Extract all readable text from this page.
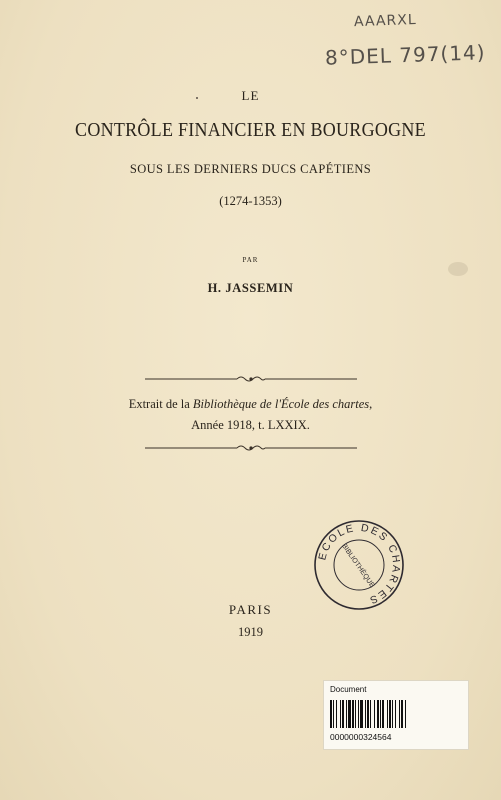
AAARXL
8°DEL 797(14)
LE
CONTRÔLE FINANCIER EN BOURGOGNE
SOUS LES DERNIERS DUCS CAPÉTIENS
(1274-1353)
PAR
H. JASSEMIN
Extrait de la Bibliothèque de l'École des chartes,
Année 1918, t. LXXIX.
ECOLE DES CHARTES
BIBLIOTHÈQUE
PARIS
1919
Document
0000000324564
